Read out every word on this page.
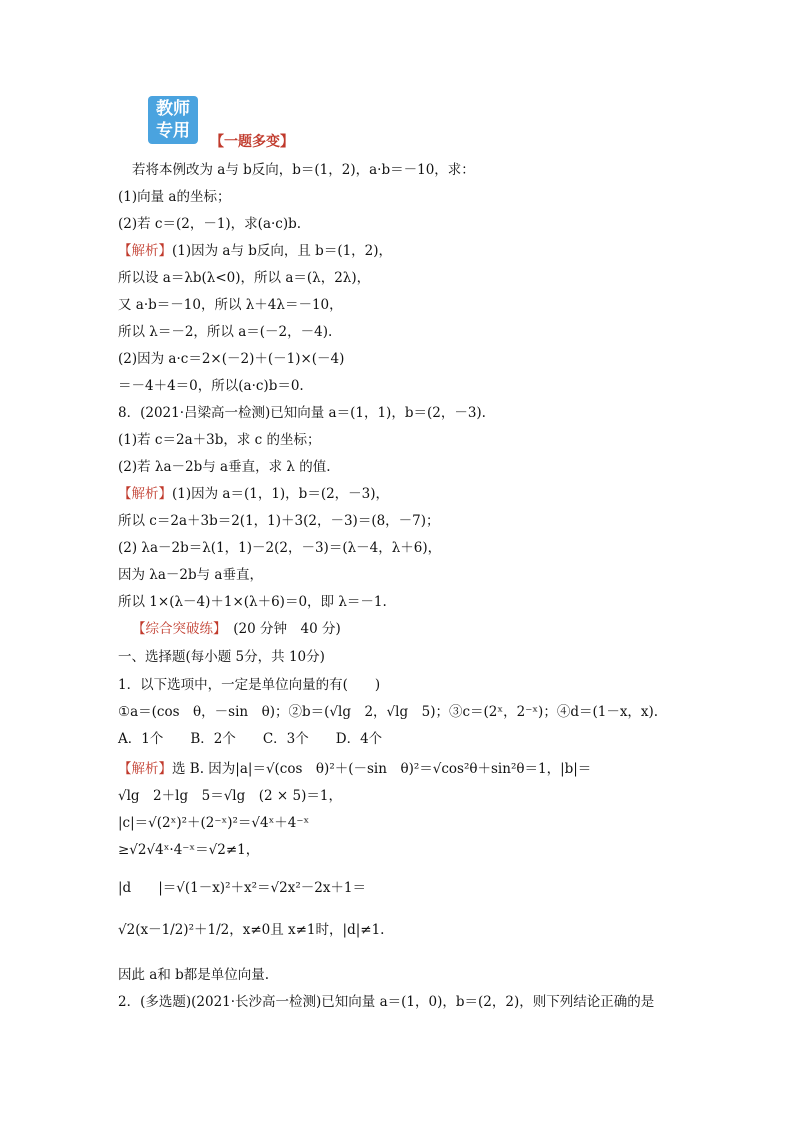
教师
专用
【一题多变】
若将本例改为 a与 b反向，b＝(1，2)，a·b＝－10，求：
(1)向量 a的坐标；
(2)若 c＝(2，－1)，求(a·c)b.
【解析】(1)因为 a与 b反向，且 b＝(1，2)，
所以设 a＝λb(λ<0)，所以 a＝(λ，2λ)，
又 a·b＝－10，所以 λ＋4λ＝－10，
所以 λ＝－2，所以 a＝(－2，－4).
(2)因为 a·c＝2×(－2)＋(－1)×(－4)
＝－4＋4＝0，所以(a·c)b＝0.
8．(2021·吕梁高一检测)已知向量 a＝(1，1)，b＝(2，－3).
(1)若 c＝2a＋3b，求 c 的坐标；
(2)若 λa－2b与 a垂直，求 λ 的值.
【解析】(1)因为 a＝(1，1)，b＝(2，－3)，
所以 c＝2a＋3b＝2(1，1)＋3(2，－3)＝(8，－7)；
(2) λa－2b＝λ(1，1)－2(2，－3)＝(λ－4，λ＋6)，
因为 λa－2b与 a垂直，
所以 1×(λ－4)＋1×(λ＋6)＝0，即 λ＝－1.
【综合突破练】　 (20 分钟　40 分)
一、选择题(每小题 5分，共 10分)
1．以下选项中，一定是单位向量的有(　　)
①a＝(cos　θ，－sin　θ)；②b＝(√lg　2，√lg　5)；③c＝(2ˣ，2⁻ˣ)；④d＝(1－x，x).
A．1个　　B．2个　　C．3个　　D．4个
【解析】选 B. 因为|a|＝√(cos　θ)²＋(－sin　θ)²＝√cos²θ＋sin²θ＝1，|b|＝
√lg　2＋lg　5＝√lg　(2 × 5)＝1，
|c|＝√(2ˣ)²＋(2⁻ˣ)²＝√4ˣ＋4⁻ˣ
≥√2√4ˣ·4⁻ˣ＝√2≠1，
|d　　|＝√(1－x)²＋x²＝√2x²－2x＋1＝
√2(x－1/2)²＋1/2，x≠0且 x≠1时，|d|≠1.
因此 a和 b都是单位向量.
2．(多选题)(2021·长沙高一检测)已知向量 a＝(1，0)，b＝(2，2)，则下列结论正确的是
